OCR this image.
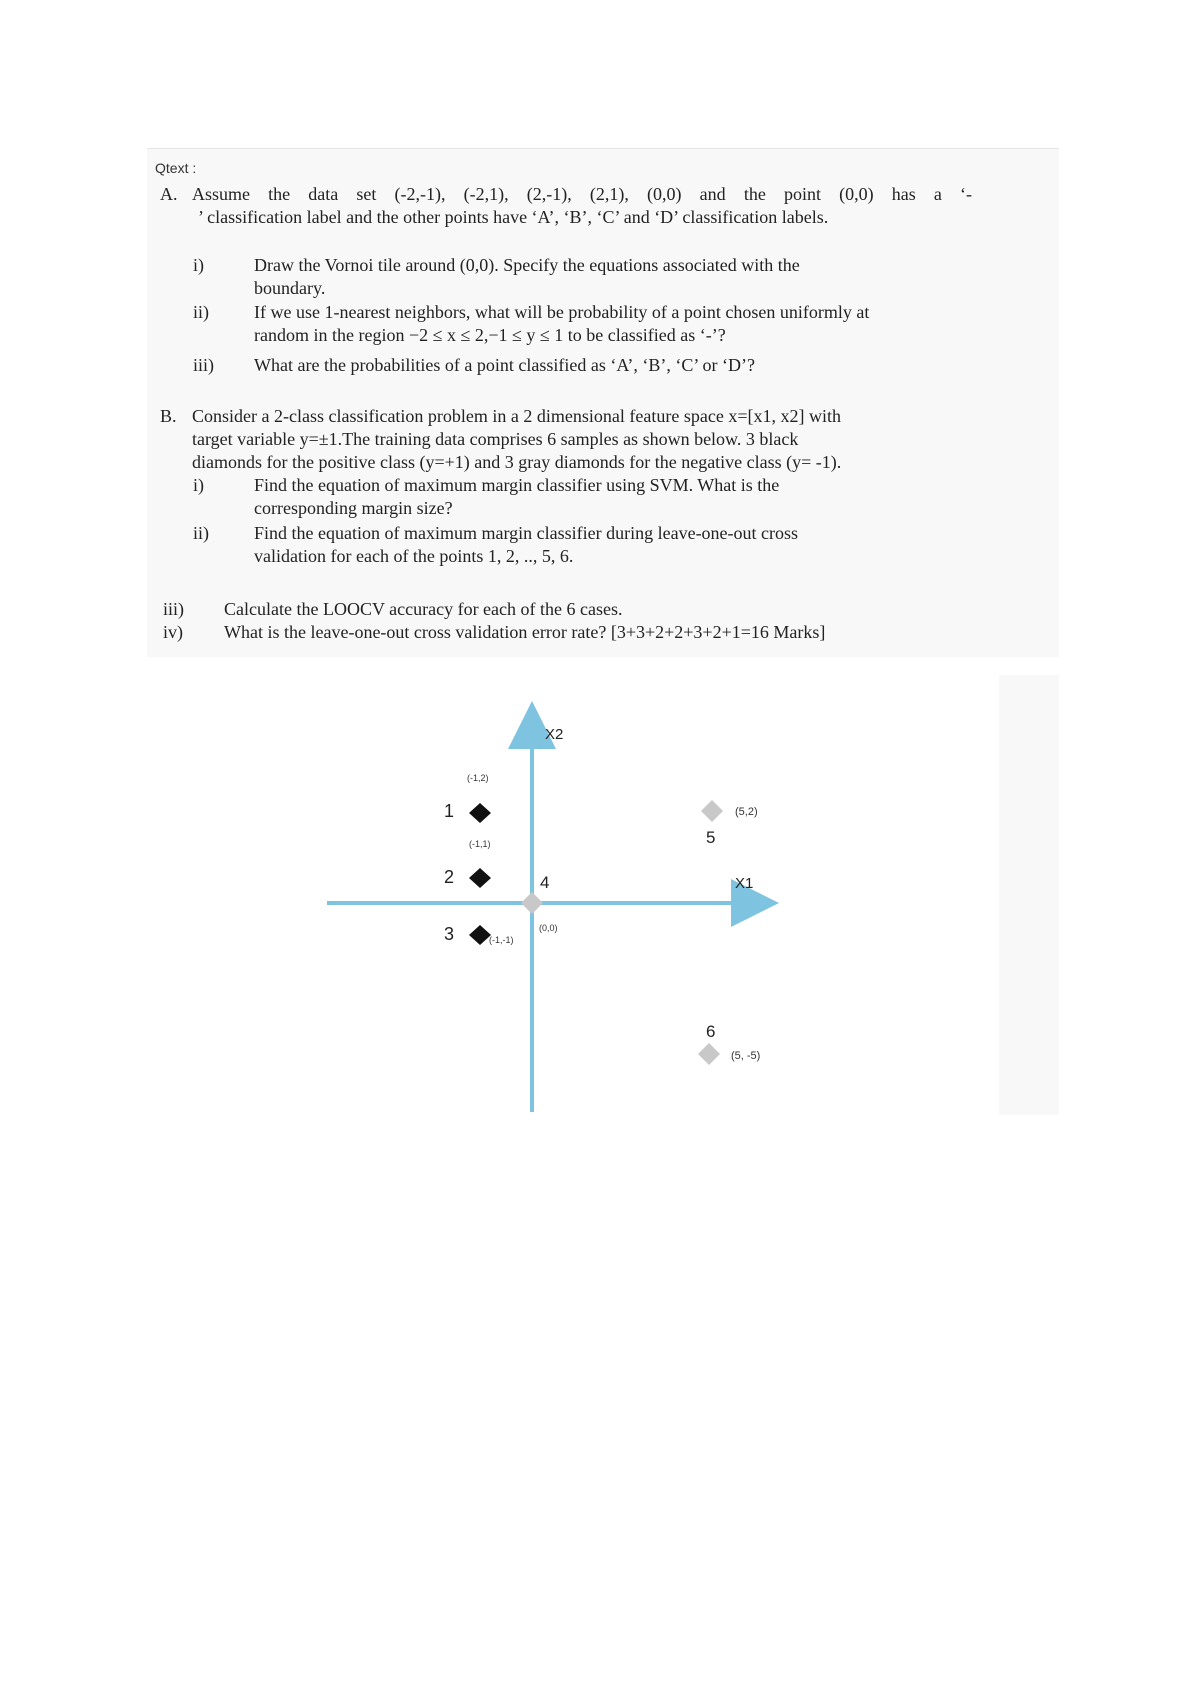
Qtext :
A. Assume the data set (-2,-1), (-2,1), (2,-1), (2,1), (0,0) and the point (0,0) has a ‘-
’ classification label and the other points have ‘A’, ‘B’, ‘C’ and ‘D’ classification labels.
i)	Draw the Vornoi tile around (0,0). Specify the equations associated with the
boundary.
ii)	If we use 1-nearest neighbors, what will be probability of a point chosen uniformly at
random in the region −2 ≤ x ≤ 2,−1 ≤ y ≤ 1 to be classified as ‘-’?
iii) What are the probabilities of a point classified as ‘A’, ‘B’, ‘C’ or ‘D’?
B. Consider a 2-class classification problem in a 2 dimensional feature space x=[x1, x2] with
target variable y=±1.The training data comprises 6 samples as shown below. 3 black
diamonds for the positive class (y=+1) and 3 gray diamonds for the negative class (y= -1).
i)	Find the equation of maximum margin classifier using SVM. What is the
corresponding margin size?
ii)	Find the equation of maximum margin classifier during leave-one-out cross
validation for each of the points 1, 2, .., 5, 6.
iii) Calculate the LOOCV accuracy for each of the 6 cases.
iv) What is the leave-one-out cross validation error rate? [3+3+2+2+3+2+1=16 Marks]
X2
X1
(-1,2)
1
(-1,1)
2
3	(-1,-1)
4
(0,0)
(5,2)
5
6
(5, -5)
